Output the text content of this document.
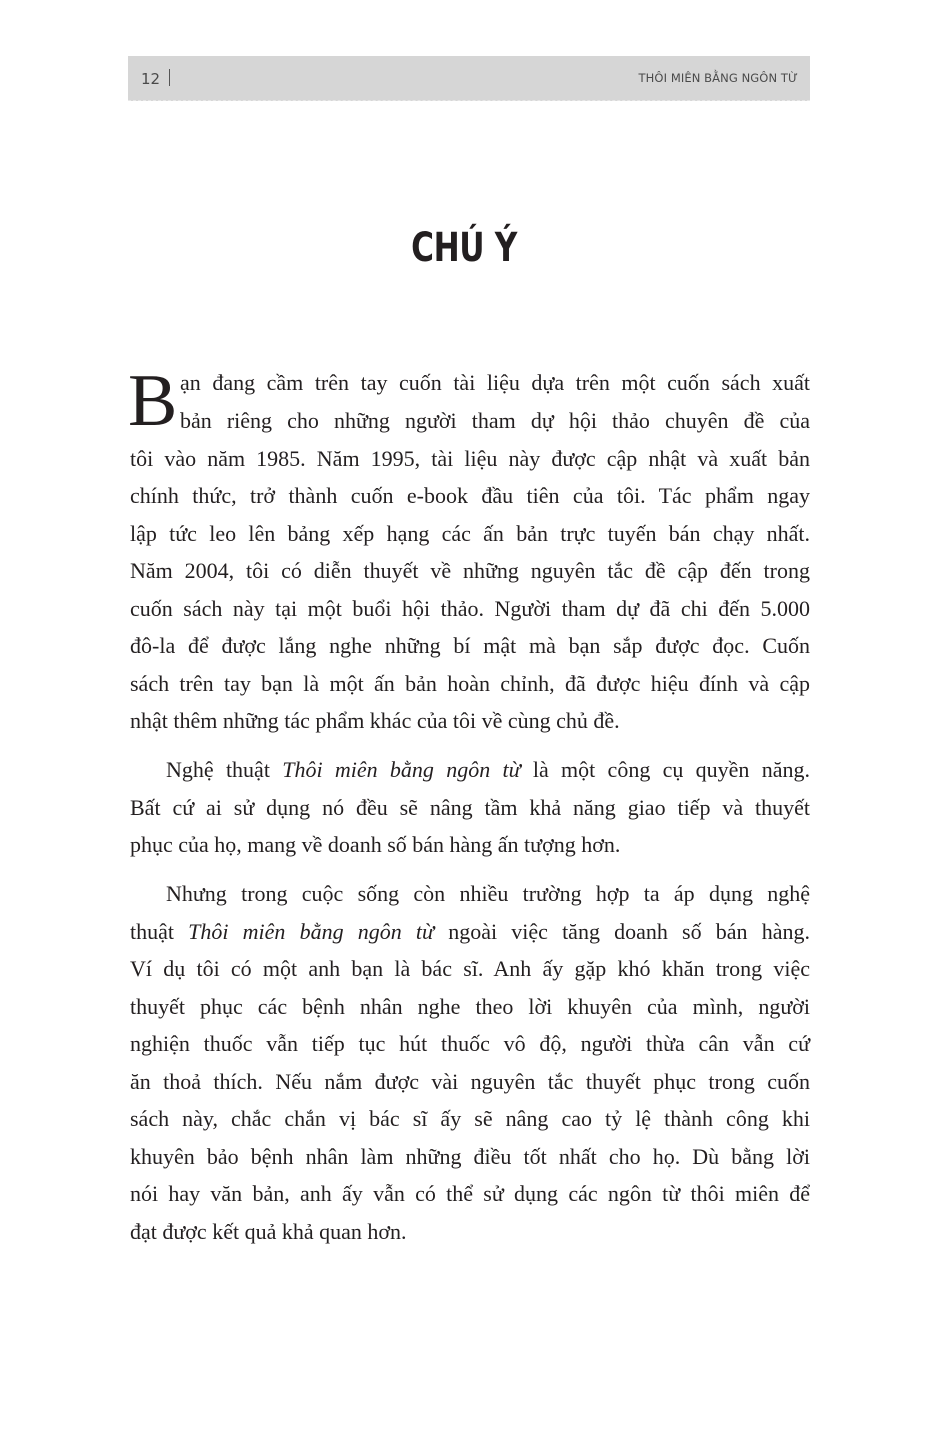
12	THÔI MIÊN BẰNG NGÔN TỪ
CHÚ Ý
B ạn đang cầm trên tay cuốn tài liệu dựa trên một cuốn sách xuất
bản riêng cho những người tham dự hội thảo chuyên đề của
tôi vào năm 1985. Năm 1995, tài liệu này được cập nhật và xuất bản
chính thức, trở thành cuốn e-book đầu tiên của tôi. Tác phẩm ngay
lập tức leo lên bảng xếp hạng các ấn bản trực tuyến bán chạy nhất.
Năm 2004, tôi có diễn thuyết về những nguyên tắc đề cập đến trong
cuốn sách này tại một buổi hội thảo. Người tham dự đã chi đến 5.000
đô-la để được lắng nghe những bí mật mà bạn sắp được đọc. Cuốn
sách trên tay bạn là một ấn bản hoàn chỉnh, đã được hiệu đính và cập
nhật thêm những tác phẩm khác của tôi về cùng chủ đề.
Nghệ thuật Thôi miên bằng ngôn từ là một công cụ quyền năng.
Bất cứ ai sử dụng nó đều sẽ nâng tầm khả năng giao tiếp và thuyết
phục của họ, mang về doanh số bán hàng ấn tượng hơn.
Nhưng trong cuộc sống còn nhiều trường hợp ta áp dụng nghệ
thuật Thôi miên bằng ngôn từ ngoài việc tăng doanh số bán hàng.
Ví dụ tôi có một anh bạn là bác sĩ. Anh ấy gặp khó khăn trong việc
thuyết phục các bệnh nhân nghe theo lời khuyên của mình, người
nghiện thuốc vẫn tiếp tục hút thuốc vô độ, người thừa cân vẫn cứ
ăn thoả thích. Nếu nắm được vài nguyên tắc thuyết phục trong cuốn
sách này, chắc chắn vị bác sĩ ấy sẽ nâng cao tỷ lệ thành công khi
khuyên bảo bệnh nhân làm những điều tốt nhất cho họ. Dù bằng lời
nói hay văn bản, anh ấy vẫn có thể sử dụng các ngôn từ thôi miên để
đạt được kết quả khả quan hơn.
